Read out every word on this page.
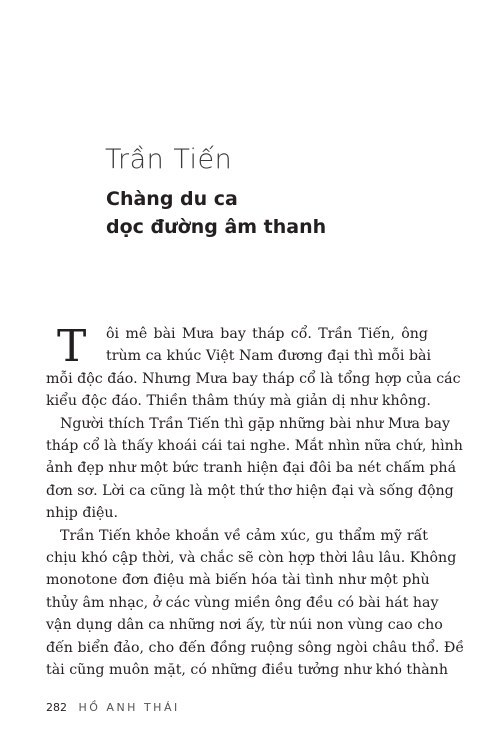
Trần Tiến
Chàng du ca
dọc đường âm thanh
T	ôi mê bài Mưa bay tháp cổ. Trần Tiến, ông
trùm ca khúc Việt Nam đương đại thì mỗi bài
mỗi độc đáo. Nhưng Mưa bay tháp cổ là tổng hợp của các
kiểu độc đáo. Thiền thâm thúy mà giản dị như không.

Người thích Trần Tiến thì gặp những bài như Mưa bay
tháp cổ là thấy khoái cái tai nghe. Mắt nhìn nữa chứ, hình
ảnh đẹp như một bức tranh hiện đại đôi ba nét chấm phá
đơn sơ. Lời ca cũng là một thứ thơ hiện đại và sống động
nhịp điệu.

Trần Tiến khỏe khoắn về cảm xúc, gu thẩm mỹ rất
chịu khó cập thời, và chắc sẽ còn hợp thời lâu lâu. Không
monotone đơn điệu mà biến hóa tài tình như một phù
thủy âm nhạc, ở các vùng miền ông đều có bài hát hay
vận dụng dân ca những nơi ấy, từ núi non vùng cao cho
đến biển đảo, cho đến đồng ruộng sông ngòi châu thổ. Đề
tài cũng muôn mặt, có những điều tưởng như khó thành

282 HỒ ANH THÁI
